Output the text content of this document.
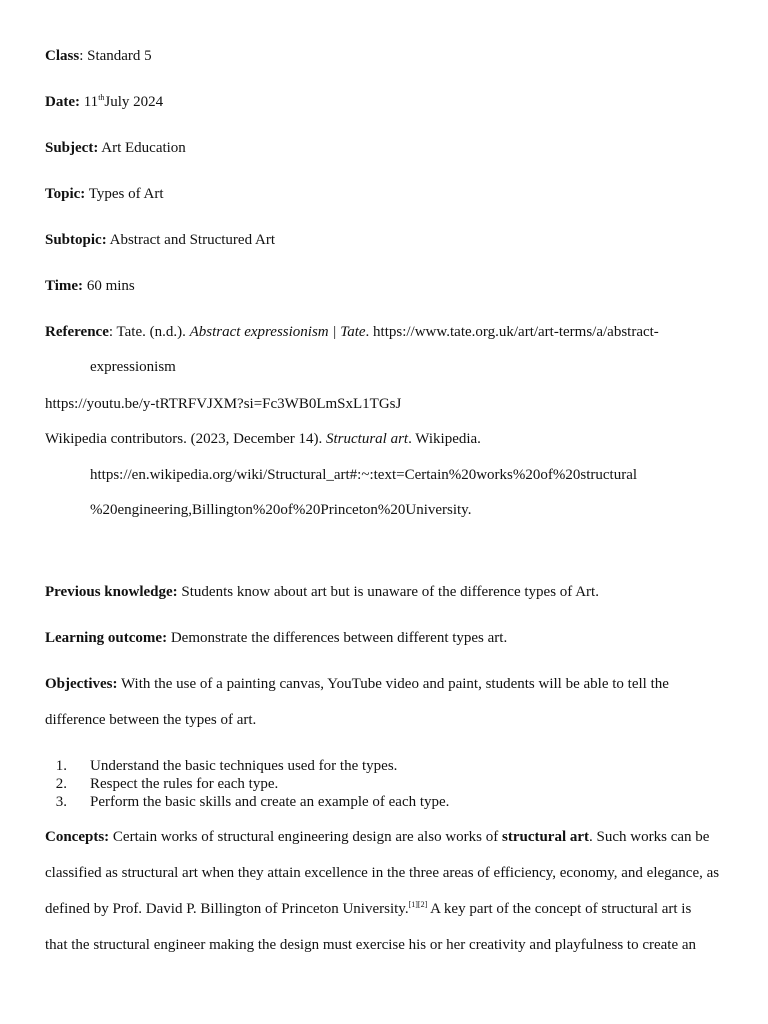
Class: Standard 5
Date: 11thJuly 2024
Subject: Art Education
Topic: Types of Art
Subtopic: Abstract and Structured Art
Time: 60 mins
Reference: Tate. (n.d.). Abstract expressionism | Tate. https://www.tate.org.uk/art/art-terms/a/abstract-
expressionism
https://youtu.be/y-tRTRFVJXM?si=Fc3WB0LmSxL1TGsJ
Wikipedia contributors. (2023, December 14). Structural art. Wikipedia.
https://en.wikipedia.org/wiki/Structural_art#:~:text=Certain%20works%20of%20structural
%20engineering,Billington%20of%20Princeton%20University.
Previous knowledge: Students know about art but is unaware of the difference types of Art.
Learning outcome: Demonstrate the differences between different types art.
Objectives: With the use of a painting canvas, YouTube video and paint, students will be able to tell the
difference between the types of art.
1. Understand the basic techniques used for the types.
2. Respect the rules for each type.
3. Perform the basic skills and create an example of each type.
Concepts: Certain works of structural engineering design are also works of structural art. Such works can be
classified as structural art when they attain excellence in the three areas of efficiency, economy, and elegance, as
defined by Prof. David P. Billington of Princeton University.[1][2] A key part of the concept of structural art is
that the structural engineer making the design must exercise his or her creativity and playfulness to create an
